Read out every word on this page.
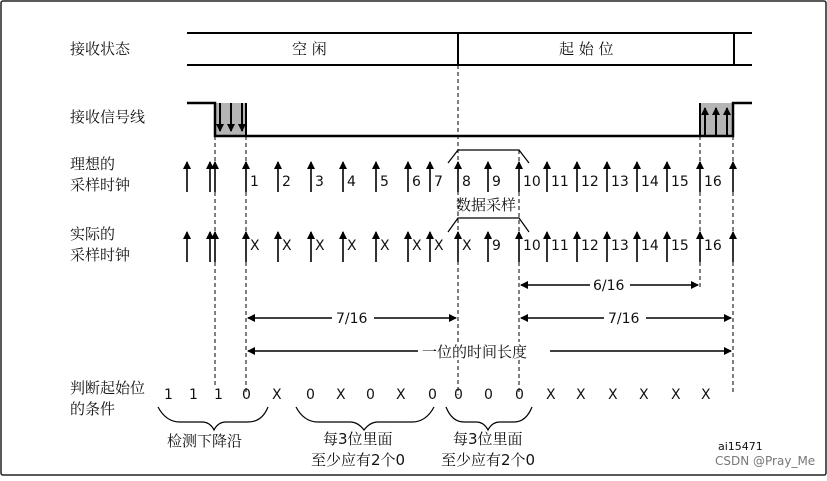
接收状态
接收信号线
理想的
采样时钟
实际的
采样时钟
判断起始位
的条件
空 闲	起 始 位
1 2 3 4 5 6 7 8 9 10 11 12 13 14 15 16
X X X X X X X X 9 10 11 12 13 14 15 16
数据采样
6/16
7/16	7/16
一位的时间长度
1 1 1 0 X 0 X 0 X 0 0 0 0 X X X X X X
检测下降沿	每3位里面
至少应有2个0
每3位里面
至少应有2个0
ai15471
CSDN @Pray_Me
